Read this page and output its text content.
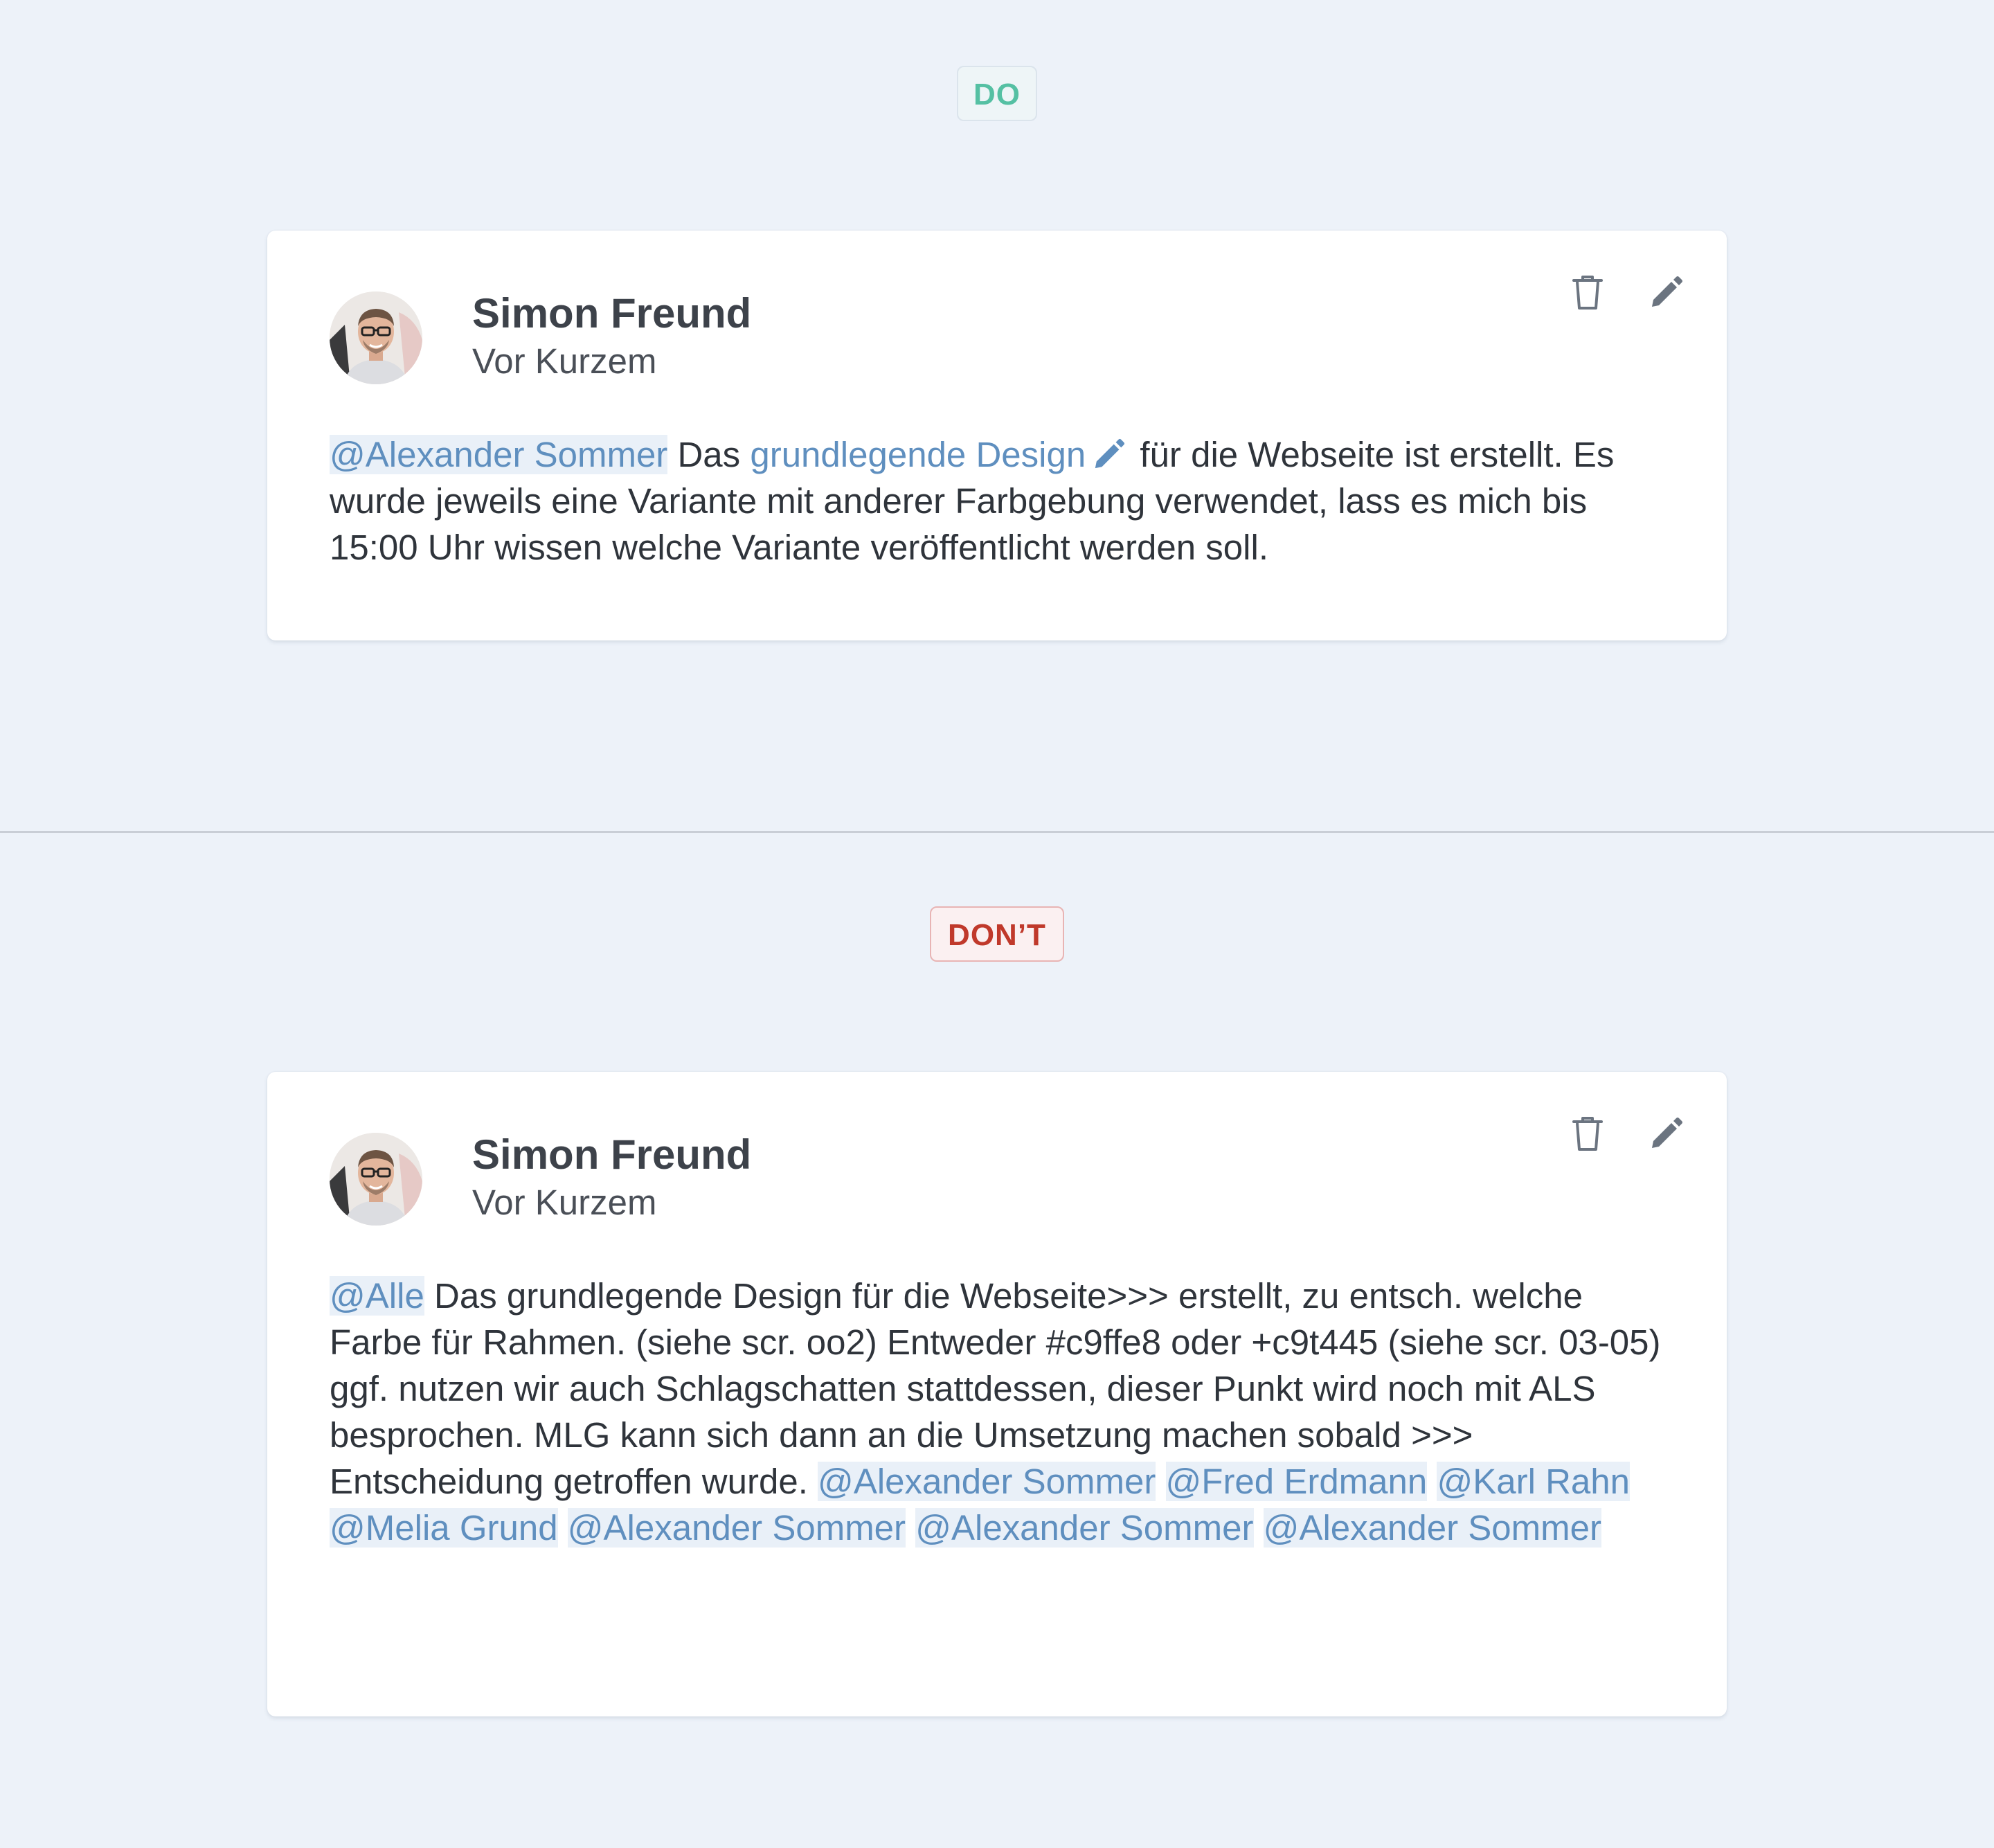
DO
Simon Freund
Vor Kurzem
@Alexander Sommer Das grundlegende Design für die Webseite ist erstellt. Es wurde jeweils eine Variante mit anderer Farbgebung verwendet, lass es mich bis 15:00 Uhr wissen welche Variante veröffentlicht werden soll.
DON’T
Simon Freund
Vor Kurzem
@Alle Das grundlegende Design für die Webseite>>> erstellt, zu entsch. welche Farbe für Rahmen. (siehe scr. oo2) Entweder #c9ffe8 oder +c9t445 (siehe scr. 03-05) ggf. nutzen wir auch Schlagschatten stattdessen, dieser Punkt wird noch mit ALS besprochen. MLG kann sich dann an die Umsetzung machen sobald >>> Entscheidung getroffen wurde. @Alexander Sommer @Fred Erdmann @Karl Rahn @Melia Grund @Alexander Sommer @Alexander Sommer @Alexander Sommer
